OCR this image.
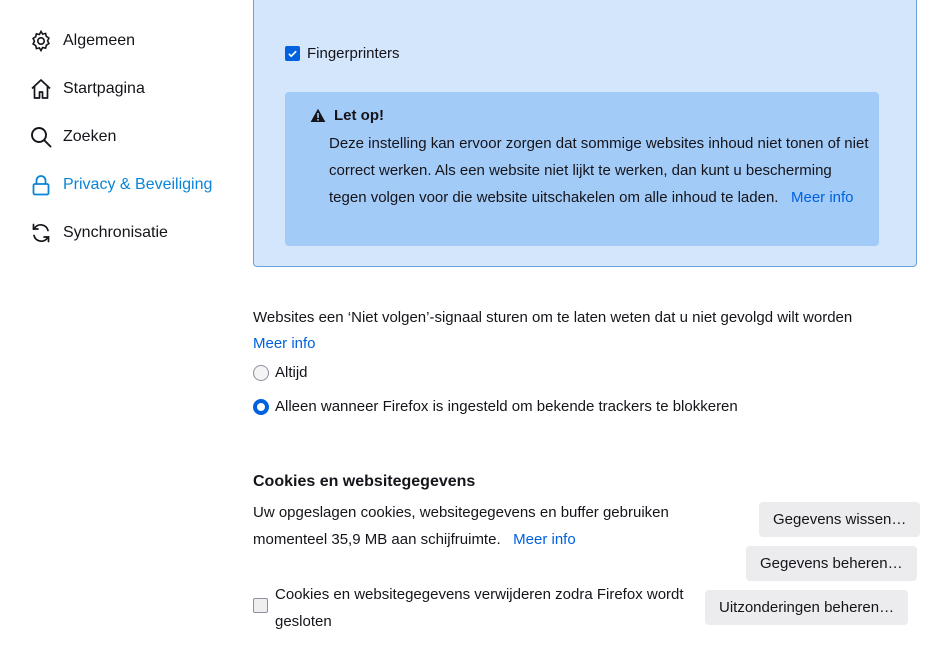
Algemeen
Startpagina
Zoeken
Privacy & Beveiliging
Synchronisatie
Fingerprinters
Let op!
Deze instelling kan ervoor zorgen dat sommige websites inhoud niet tonen of niet correct werken. Als een website niet lijkt te werken, dan kunt u bescherming tegen volgen voor die website uitschakelen om alle inhoud te laden. Meer info
Websites een ‘Niet volgen’-signaal sturen om te laten weten dat u niet gevolgd wilt worden
Meer info
Altijd
Alleen wanneer Firefox is ingesteld om bekende trackers te blokkeren
Cookies en websitegegevens
Uw opgeslagen cookies, websitegegevens en buffer gebruiken momenteel 35,9 MB aan schijfruimte. Meer info
Gegevens wissen…
Gegevens beheren…
Uitzonderingen beheren…
Cookies en websitegegevens verwijderen zodra Firefox wordt gesloten
